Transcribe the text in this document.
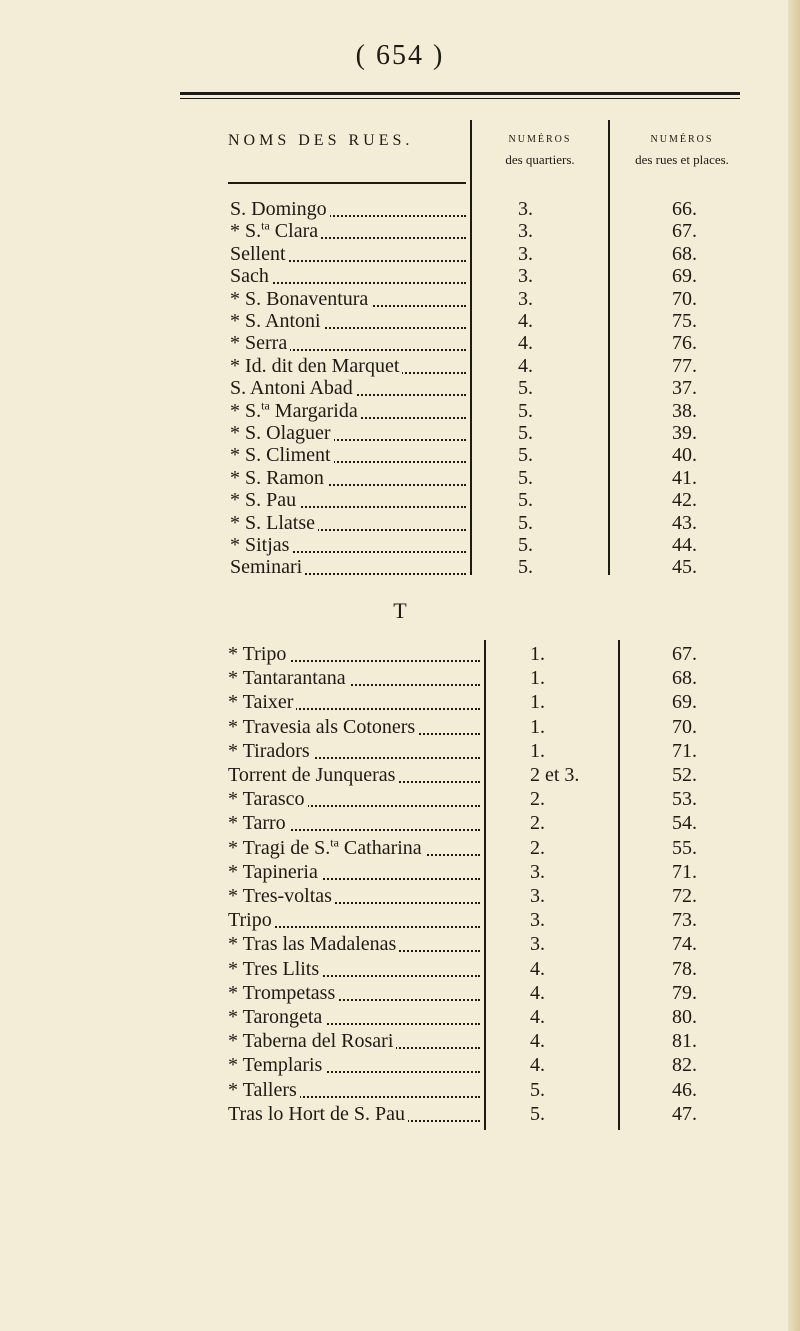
( 654 )
NOMS DES RUES.	NUMÉROS
des quartiers.
NUMÉROS
des rues et places.
S. Domingo	3.	66.
* S.$^{ta}$ Clara	3.	67.
Sellent	3.	68.
Sach	3.	69.
* S. Bonaventura	3.	70.
* S. Antoni	4.	75.
* Serra	4.	76.
* Id. dit den Marquet	4.	77.
S. Antoni Abad	5.	37.
* S.$^{ta}$ Margarida	5.	38.
* S. Olaguer	5.	39.
* S. Climent	5.	40.
* S. Ramon	5.	41.
* S. Pau	5.	42.
* S. Llatse	5.	43.
* Sitjas	5.	44.
Seminari	5.	45.
T
* Tripo	1.	67.
* Tantarantana	1.	68.
* Taixer	1.	69.
* Travesia als Cotoners	1.	70.
* Tiradors	1.	71.
Torrent de Junqueras	2 et 3.	52.
* Tarasco	2.	53.
* Tarro	2.	54.
* Tragi de S.$^{ta}$ Catharina	2.	55.
* Tapineria	3.	71.
* Tres-voltas	3.	72.
Tripo	3.	73.
* Tras las Madalenas	3.	74.
* Tres Llits	4.	78.
* Trompetass	4.	79.
* Tarongeta	4.	80.
* Taberna del Rosari	4.	81.
* Templaris	4.	82.
* Tallers	5.	46.
Tras lo Hort de S. Pau	5.	47.
